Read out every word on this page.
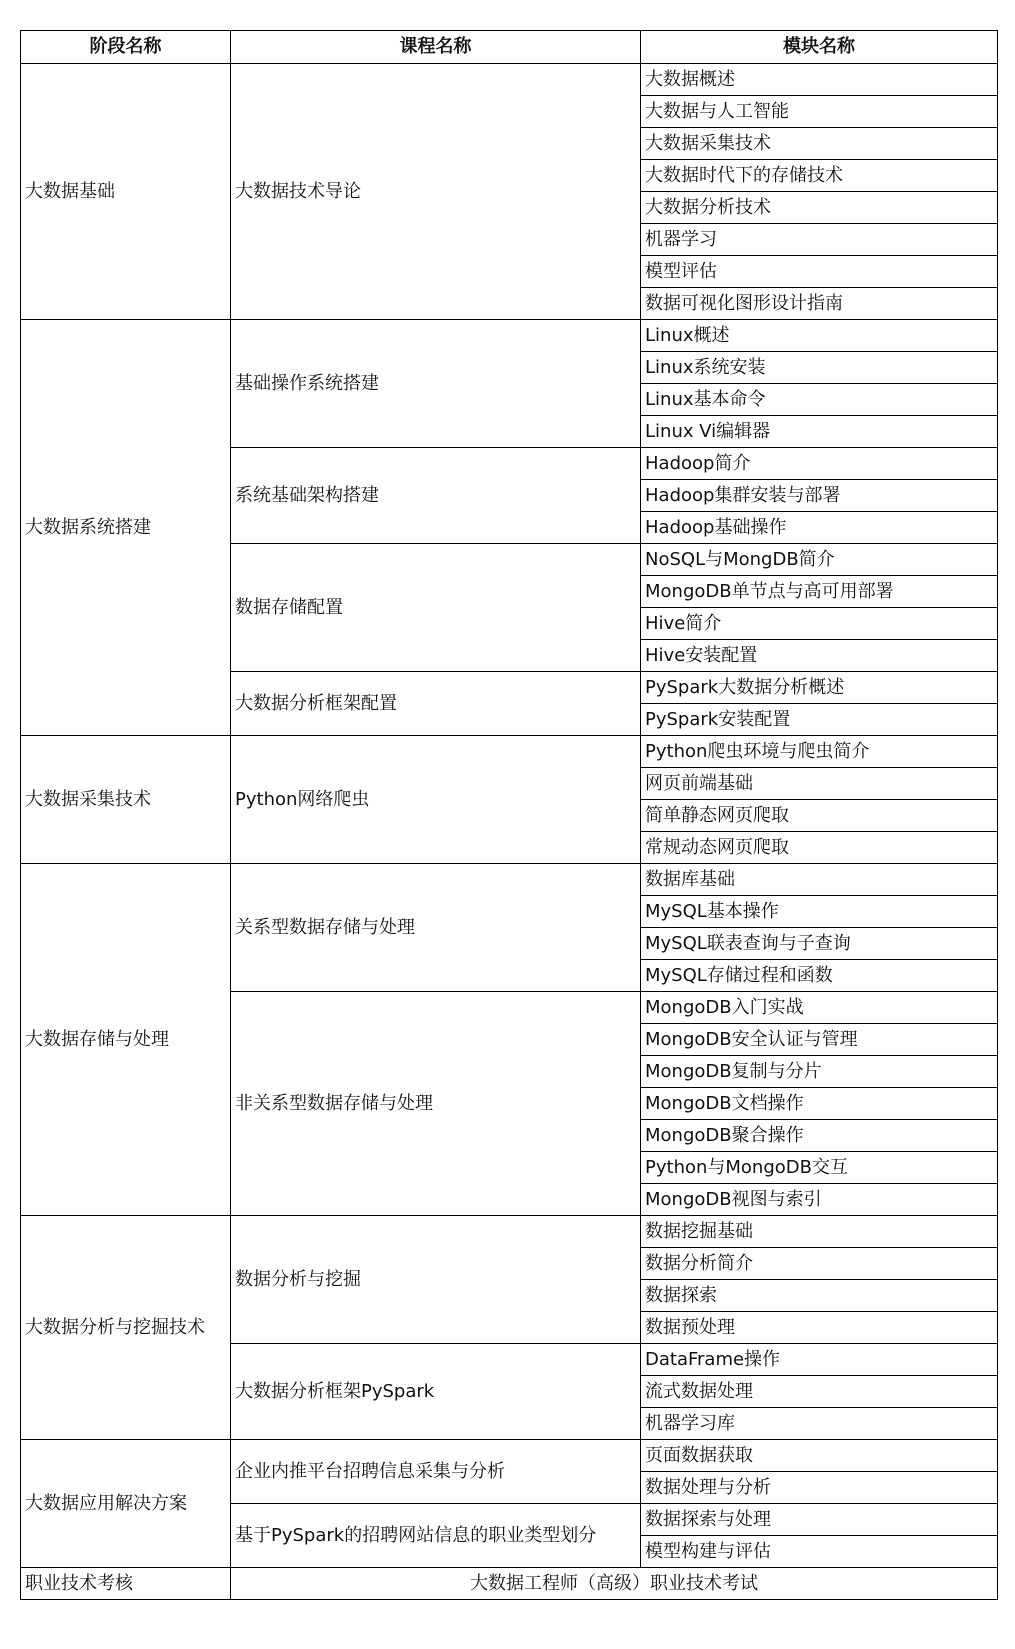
阶段名称	课程名称	模块名称
大数据基础	大数据技术导论	大数据概述
		大数据与人工智能
		大数据采集技术
		大数据时代下的存储技术
		大数据分析技术
		机器学习
		模型评估
		数据可视化图形设计指南
大数据系统搭建	基础操作系统搭建	Linux概述
		Linux系统安装
		Linux基本命令
		Linux Vi编辑器
	系统基础架构搭建	Hadoop简介
		Hadoop集群安装与部署
		Hadoop基础操作
	数据存储配置	NoSQL与MongDB简介
		MongoDB单节点与高可用部署
		Hive简介
		Hive安装配置
	大数据分析框架配置	PySpark大数据分析概述
		PySpark安装配置
大数据采集技术	Python网络爬虫	Python爬虫环境与爬虫简介
		网页前端基础
		简单静态网页爬取
		常规动态网页爬取
大数据存储与处理	关系型数据存储与处理	数据库基础
		MySQL基本操作
		MySQL联表查询与子查询
		MySQL存储过程和函数
	非关系型数据存储与处理	MongoDB入门实战
		MongoDB安全认证与管理
		MongoDB复制与分片
		MongoDB文档操作
		MongoDB聚合操作
		Python与MongoDB交互
		MongoDB视图与索引
大数据分析与挖掘技术	数据分析与挖掘	数据挖掘基础
		数据分析简介
		数据探索
		数据预处理
	大数据分析框架PySpark	DataFrame操作
		流式数据处理
		机器学习库
大数据应用解决方案	企业内推平台招聘信息采集与分析	页面数据获取
		数据处理与分析
	基于PySpark的招聘网站信息的职业类型划分	数据探索与处理
		模型构建与评估
职业技术考核	大数据工程师（高级）职业技术考试	
